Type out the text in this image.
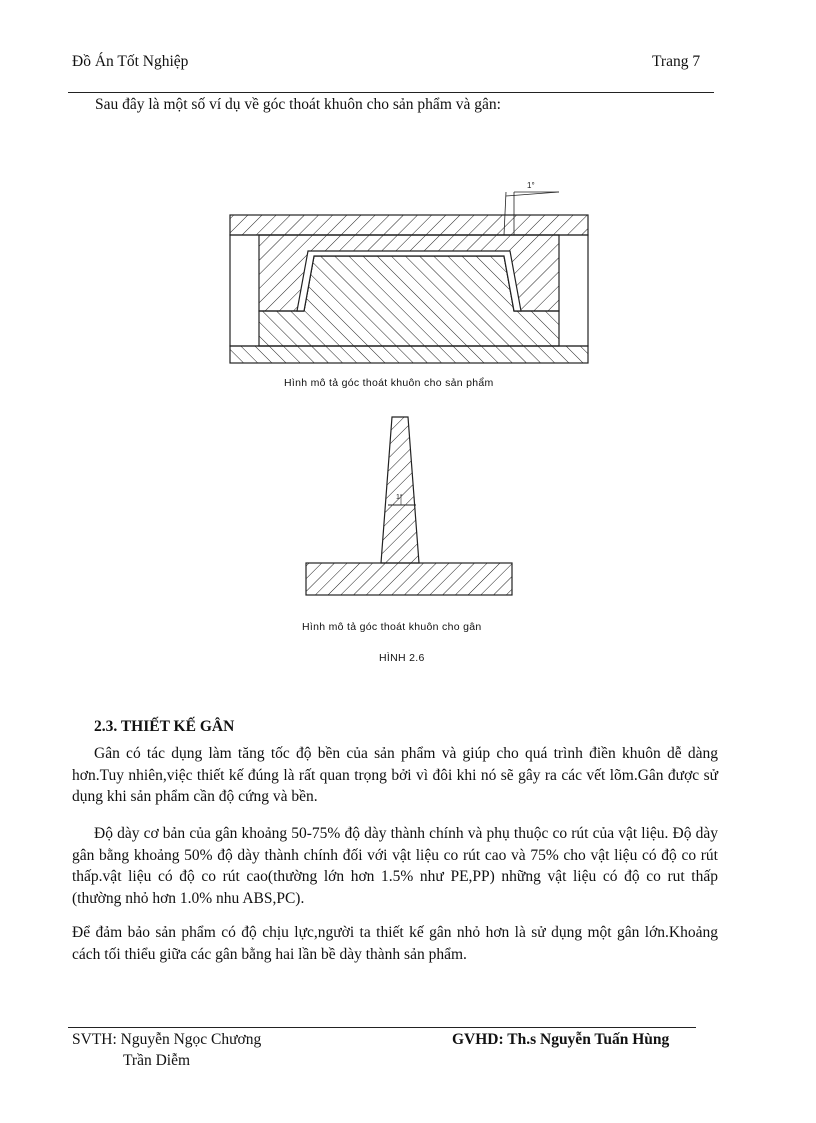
Đồ Án Tốt Nghiệp	Trang 7
Sau đây là một số ví dụ về góc thoát khuôn cho sản phẩm và gân:
1°
Hình mô tả góc thoát khuôn cho sản phẩm
1°
Hình mô tả góc thoát khuôn cho gân
HÌNH 2.6
2.3. THIẾT KẾ GÂN

Gân có tác dụng làm tăng tốc độ bền của sản phẩm và giúp cho quá trình điền khuôn dễ dàng hơn.Tuy nhiên,việc thiết kế đúng là rất quan trọng bởi vì đôi khi nó sẽ gây ra các vết lõm.Gân được sử dụng khi sản phẩm cần độ cứng và bền.

Độ dày cơ bản của gân khoảng 50-75% độ dày thành chính và phụ thuộc co rút của vật liệu. Độ dày gân bằng khoảng 50% độ dày thành chính đối với vật liệu co rút cao và 75% cho vật liệu có độ co rút thấp.vật liệu có độ co rút cao(thường lớn hơn 1.5% như PE,PP) những vật liệu có độ co rut thấp (thường nhỏ hơn 1.0% nhu ABS,PC).

Để đảm bảo sản phẩm có độ chịu lực,người ta thiết kế gân nhỏ hơn là sử dụng một gân lớn.Khoảng cách tối thiểu giữa các gân bằng hai lần bề dày thành sản phẩm.

SVTH: Nguyễn Ngọc Chương
Trần Diễm
GVHD: Th.s Nguyễn Tuấn Hùng
